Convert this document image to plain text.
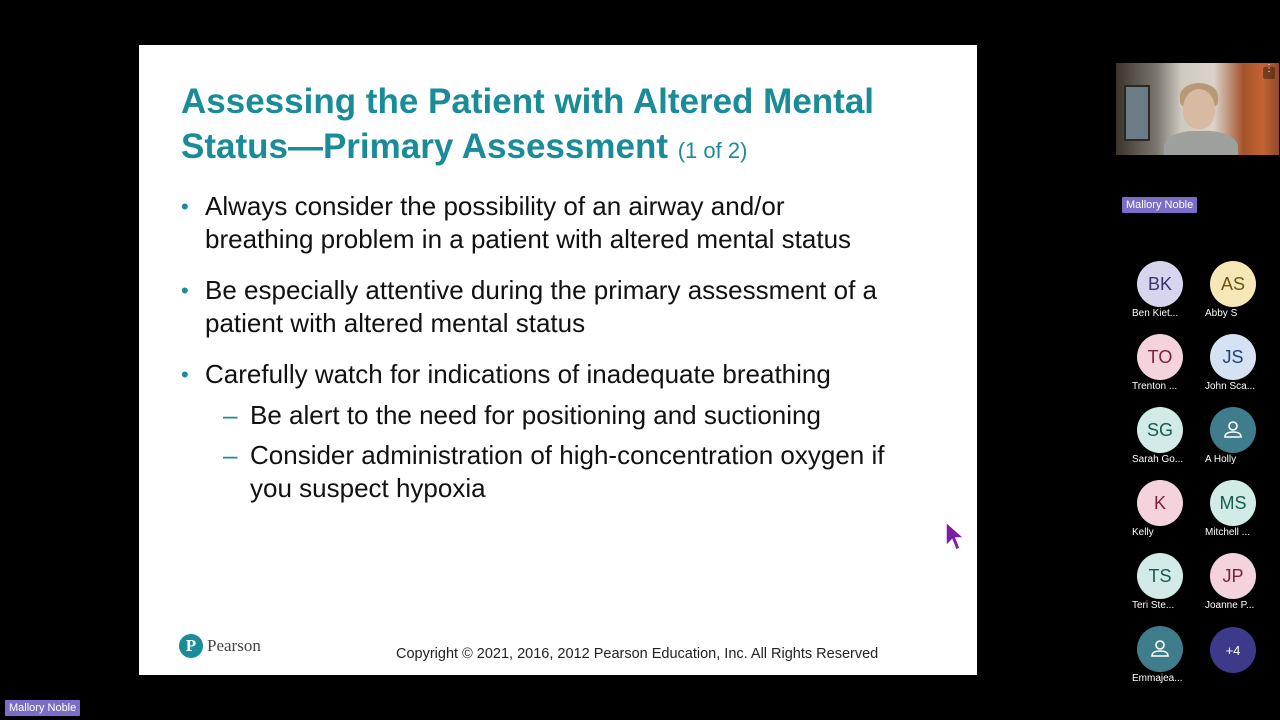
Assessing the Patient with Altered Mental Status—Primary Assessment (1 of 2)
• Always consider the possibility of an airway and/or breathing problem in a patient with altered mental status
• Be especially attentive during the primary assessment of a patient with altered mental status
• Carefully watch for indications of inadequate breathing
– Be alert to the need for positioning and suctioning
– Consider administration of high-concentration oxygen if you suspect hypoxia
P Pearson	Copyright © 2021, 2016, 2012 Pearson Education, Inc. All Rights Reserved
⋮
Mallory Noble
BK
Ben Kiet...
AS
Abby S
TO
Trenton ...
JS
John Sca...
SG
Sarah Go...	A Holly
K
Kelly
MS
Mitchell ...
TS
Teri Ste...
JP
Joanne P...
Emmajea...
+4
Mallory Noble
